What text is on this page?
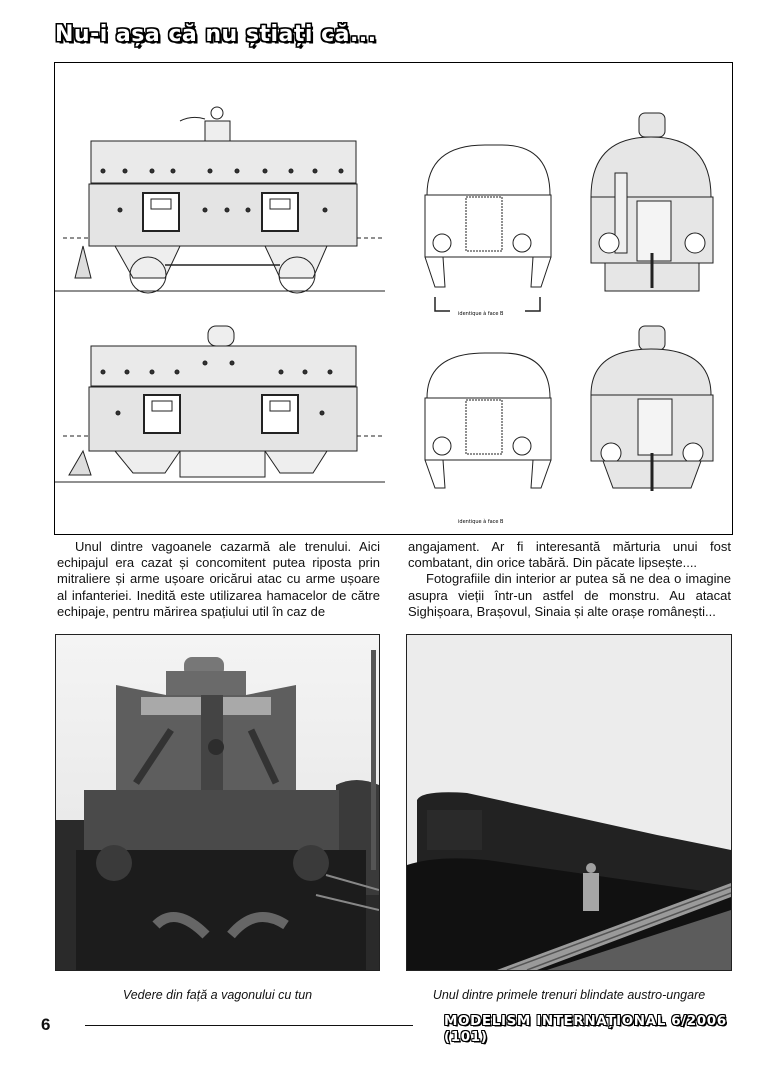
Nu-i așa că nu știați că...
identique à face B
identique à face B

Unul dintre vagoanele cazarmă ale trenului. Aici echipajul era cazat și concomitent putea riposta prin mitraliere și arme ușoare oricărui atac cu arme ușoare al infanteriei. Inedită este utilizarea hamacelor de către echipaje, pentru mărirea spațiului util în caz de

angajament. Ar fi interesantă mărturia unui fost combatant, din orice tabără. Din păcate lipsește....

Fotografiile din interior ar putea să ne dea o imagine asupra vieții într-un astfel de monstru. Au atacat Sighișoara, Brașovul, Sinaia și alte orașe românești...

Vedere din față a vagonului cu tun	Unul dintre primele trenuri blindate austro-ungare
6	MODELISM INTERNAȚIONAL 6/2006 (101)
